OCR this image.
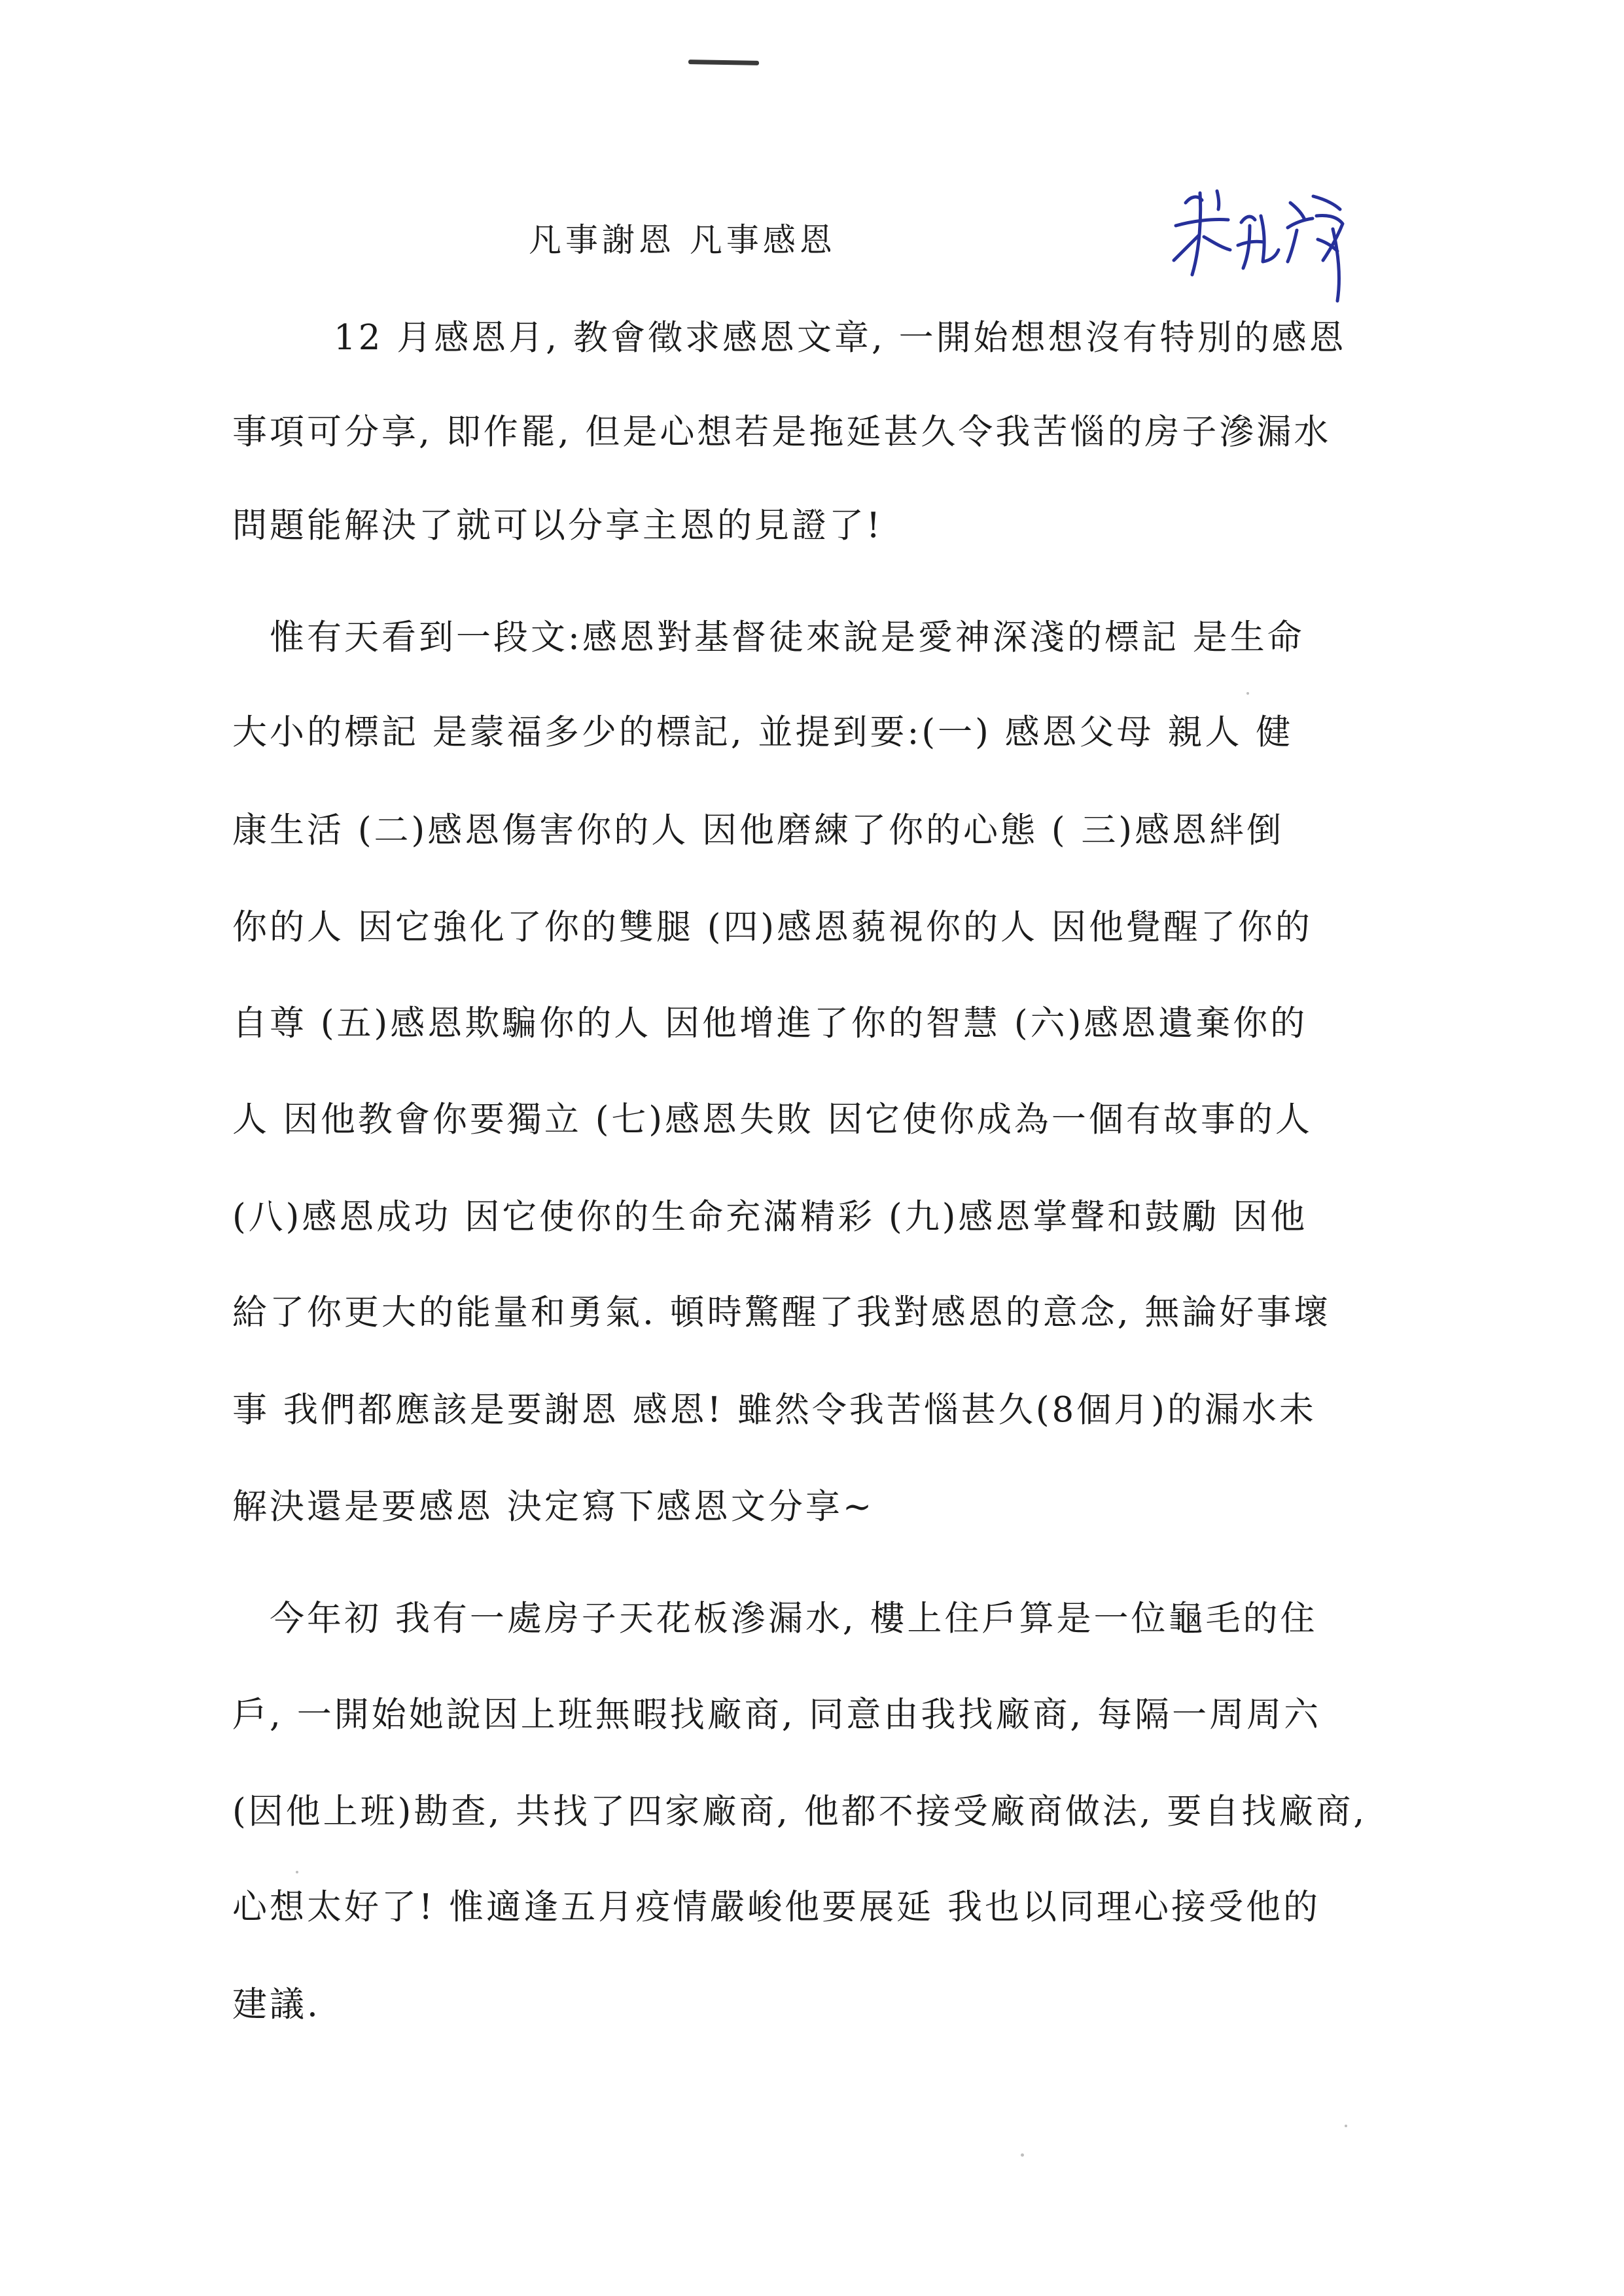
凡事謝恩 凡事感恩
12 月感恩月, 教會徵求感恩文章, 一開始想想沒有特別的感恩
事項可分享, 即作罷, 但是心想若是拖延甚久令我苦惱的房子滲漏水
問題能解決了就可以分享主恩的見證了!
惟有天看到一段文:感恩對基督徒來說是愛神深淺的標記 是生命
大小的標記 是蒙福多少的標記, 並提到要:(一) 感恩父母 親人 健
康生活 (二)感恩傷害你的人 因他磨練了你的心態 ( 三)感恩絆倒
你的人 因它強化了你的雙腿 (四)感恩藐視你的人 因他覺醒了你的
自尊 (五)感恩欺騙你的人 因他增進了你的智慧 (六)感恩遺棄你的
人 因他教會你要獨立 (七)感恩失敗 因它使你成為一個有故事的人
(八)感恩成功 因它使你的生命充滿精彩 (九)感恩掌聲和鼓勵 因他
給了你更大的能量和勇氣. 頓時驚醒了我對感恩的意念, 無論好事壞
事 我們都應該是要謝恩 感恩! 雖然令我苦惱甚久(8個月)的漏水未
解決還是要感恩 決定寫下感恩文分享~
今年初 我有一處房子天花板滲漏水, 樓上住戶算是一位龜毛的住
戶, 一開始她說因上班無暇找廠商, 同意由我找廠商, 每隔一周周六
(因他上班)勘查, 共找了四家廠商, 他都不接受廠商做法, 要自找廠商,
心想太好了! 惟適逢五月疫情嚴峻他要展延 我也以同理心接受他的
建議.
